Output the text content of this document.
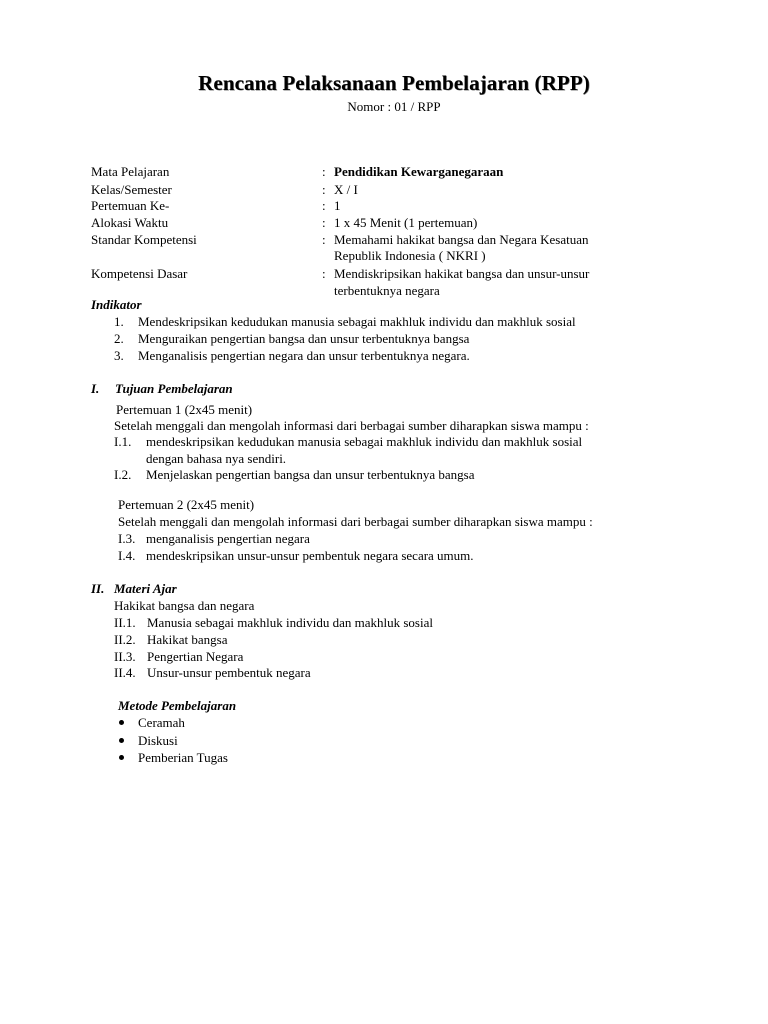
Rencana Pelaksanaan Pembelajaran (RPP)
Nomor : 01 / RPP
Mata Pelajaran	: Pendidikan Kewarganegaraan
Kelas/Semester	: X / I
Pertemuan Ke-	: 1
Alokasi Waktu	: 1 x 45 Menit (1 pertemuan)
Standar Kompetensi	: Memahami hakikat bangsa dan Negara Kesatuan
Republik Indonesia ( NKRI )
Kompetensi Dasar	: Mendiskripsikan hakikat bangsa dan unsur-unsur
terbentuknya negara
Indikator
1. Mendeskripsikan kedudukan manusia sebagai makhluk individu dan makhluk sosial
2. Menguraikan pengertian bangsa dan unsur terbentuknya bangsa
3. Menganalisis pengertian negara dan unsur terbentuknya negara.
I. Tujuan Pembelajaran
Pertemuan 1 (2x45 menit)
Setelah menggali dan mengolah informasi dari berbagai sumber diharapkan siswa mampu :
I.1. mendeskripsikan kedudukan manusia sebagai makhluk individu dan makhluk sosial
dengan bahasa nya sendiri.
I.2. Menjelaskan pengertian bangsa dan unsur terbentuknya bangsa
Pertemuan 2 (2x45 menit)
Setelah menggali dan mengolah informasi dari berbagai sumber diharapkan siswa mampu :
I.3. menganalisis pengertian negara
I.4. mendeskripsikan unsur-unsur pembentuk negara secara umum.
II. Materi Ajar
Hakikat bangsa dan negara
II.1. Manusia sebagai makhluk individu dan makhluk sosial
II.2. Hakikat bangsa
II.3. Pengertian Negara
II.4. Unsur-unsur pembentuk negara
Metode Pembelajaran
Ceramah
Diskusi
Pemberian Tugas
